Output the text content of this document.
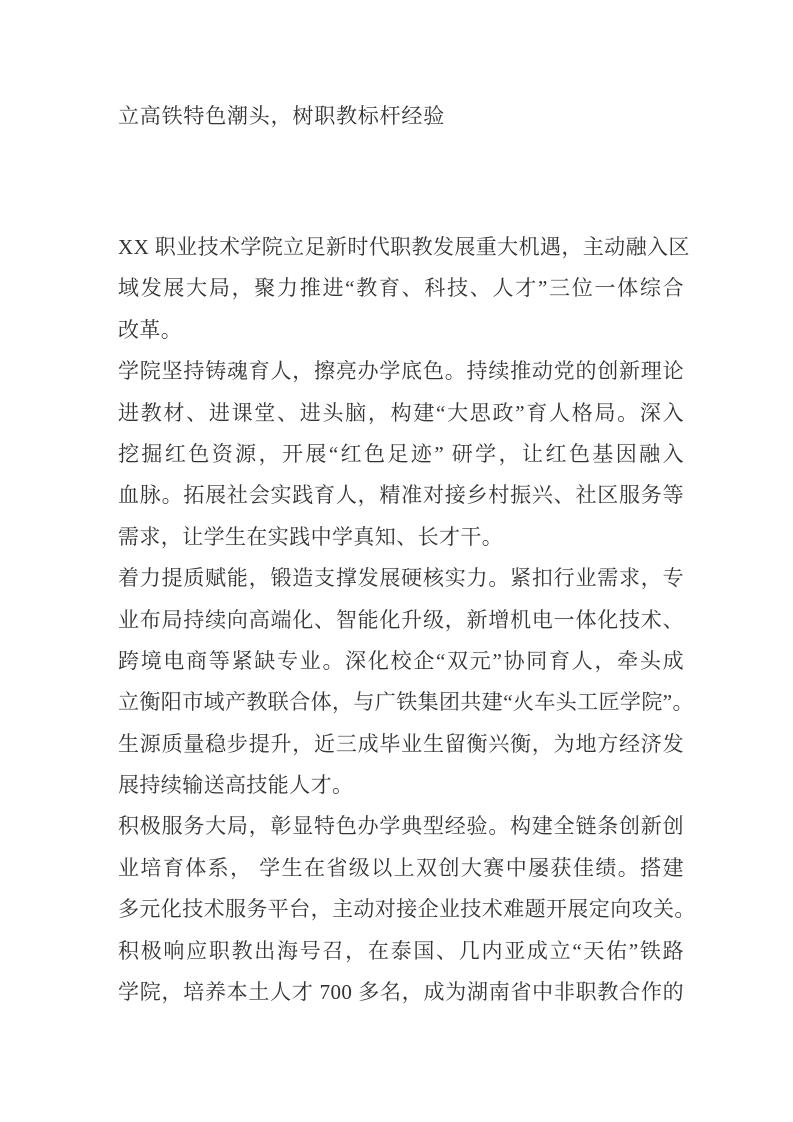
立高铁特色潮头，树职教标杆经验
XX 职业技术学院立足新时代职教发展重大机遇，主动融入区
域发展大局，聚力推进“教育、科技、人才”三位一体综合
改革。
学院坚持铸魂育人，擦亮办学底色。持续推动党的创新理论
进教材、进课堂、进头脑，构建“大思政”育人格局。深入
挖掘红色资源，开展“红色足迹” 研学，让红色基因融入
血脉。拓展社会实践育人，精准对接乡村振兴、社区服务等
需求，让学生在实践中学真知、长才干。
着力提质赋能，锻造支撑发展硬核实力。紧扣行业需求，专
业布局持续向高端化、智能化升级，新增机电一体化技术、
跨境电商等紧缺专业。深化校企“双元”协同育人，牵头成
立衡阳市域产教联合体，与广铁集团共建“火车头工匠学院”。
生源质量稳步提升，近三成毕业生留衡兴衡，为地方经济发
展持续输送高技能人才。
积极服务大局，彰显特色办学典型经验。构建全链条创新创
业培育体系， 学生在省级以上双创大赛中屡获佳绩。搭建
多元化技术服务平台，主动对接企业技术难题开展定向攻关。
积极响应职教出海号召，在泰国、几内亚成立“天佑”铁路
学院，培养本土人才 700 多名，成为湖南省中非职教合作的
